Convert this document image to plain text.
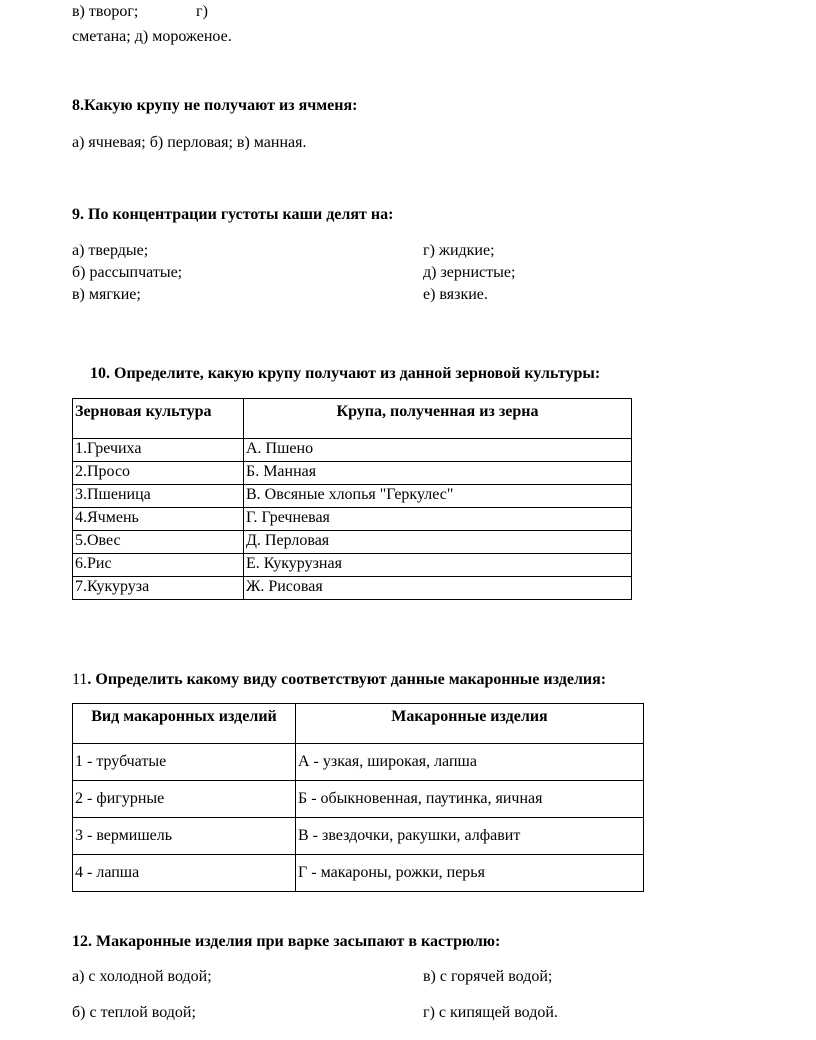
в) творог;	г)
сметана; д) мороженое.
8.Какую крупу не получают из ячменя:
а) ячневая; б) перловая; в) манная.
9. По концентрации густоты каши делят на:
а) твердые;
б) рассыпчатые;
в) мягкие;
г) жидкие;
д) зернистые;
е) вязкие.
10. Определите, какую крупу получают из данной зерновой культуры:
Зерновая культура	Крупа, полученная из зерна
1.Гречиха	А. Пшено
2.Просо	Б. Манная
3.Пшеница	В. Овсяные хлопья "Геркулес"
4.Ячмень	Г. Гречневая
5.Овес	Д. Перловая
6.Рис	Е. Кукурузная
7.Кукуруза	Ж. Рисовая
11. Определить какому виду соответствуют данные макаронные изделия:
Вид макаронных изделий	Макаронные изделия
1 - трубчатые	А - узкая, широкая, лапша
2 - фигурные	Б - обыкновенная, паутинка, яичная
3 - вермишель	В - звездочки, ракушки, алфавит
4 - лапша	Г - макароны, рожки, перья
12. Макаронные изделия при варке засыпают в кастрюлю:
а) с холодной водой;
б) с теплой водой;
в) с горячей водой;
г) с кипящей водой.
